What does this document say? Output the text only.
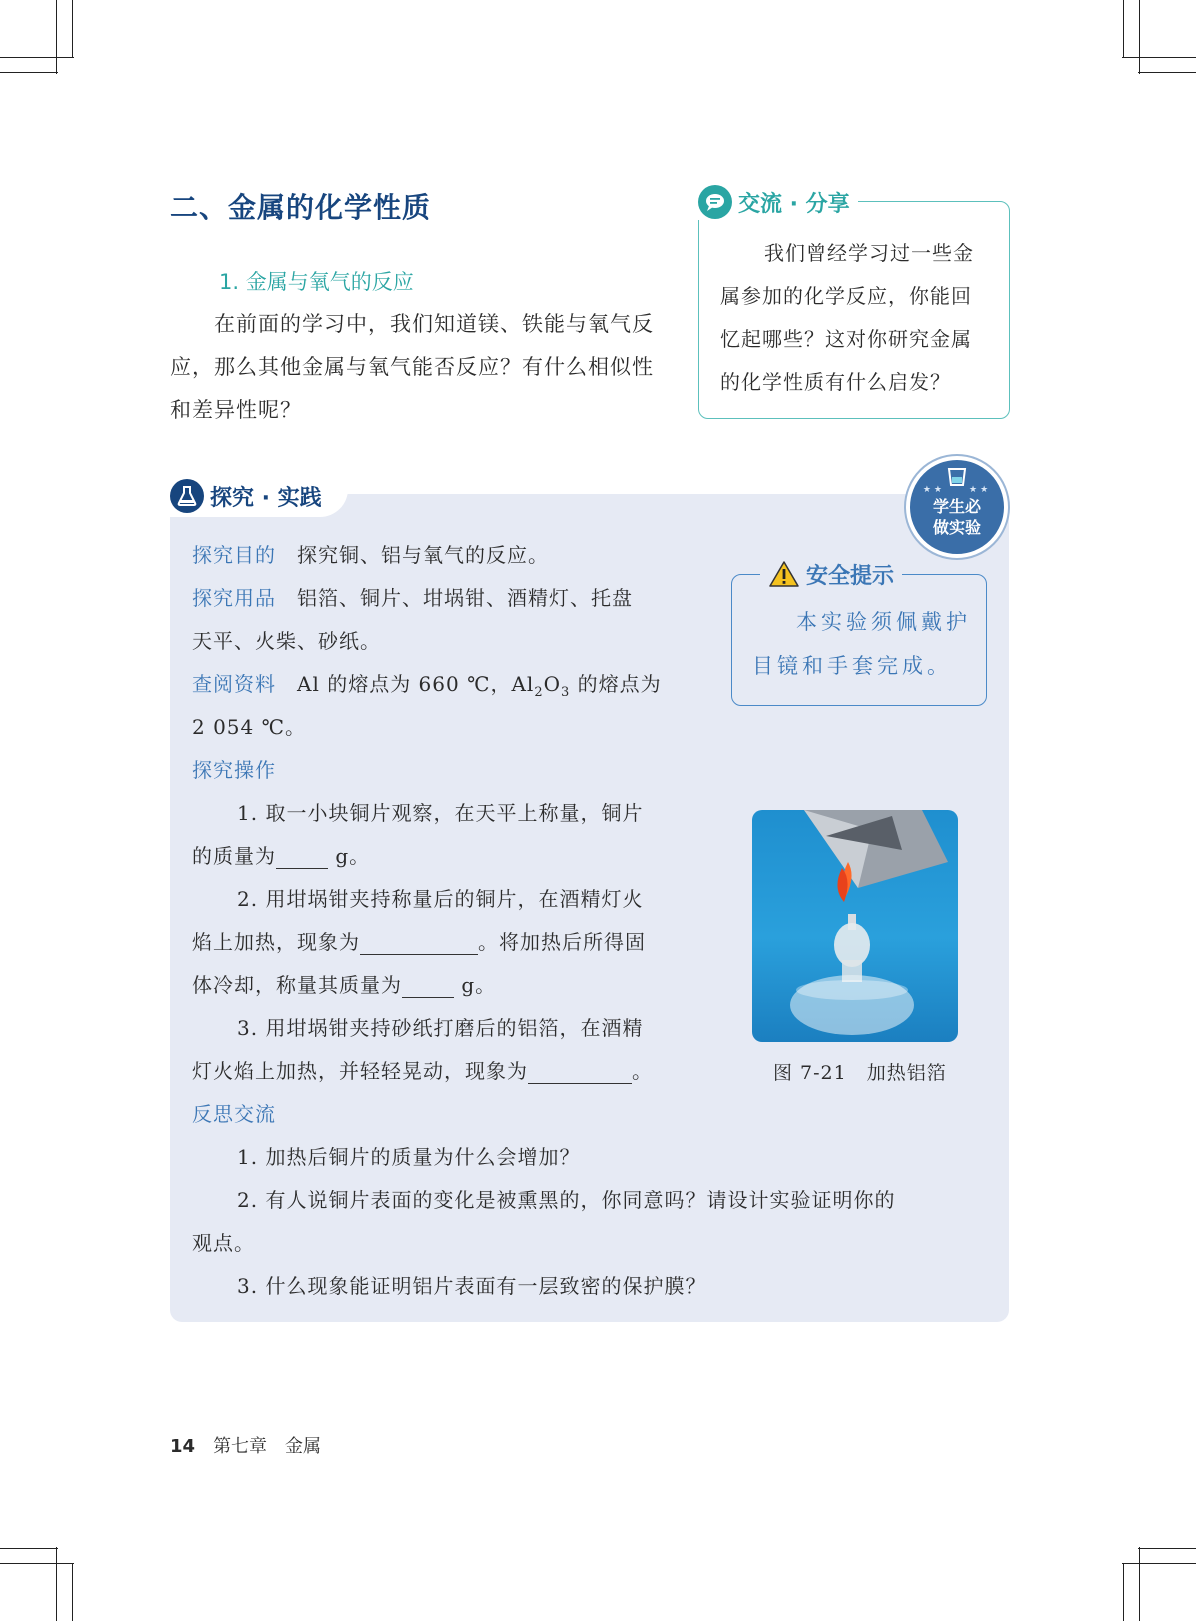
二、金属的化学性质
1. 金属与氧气的反应

在前面的学习中，我们知道镁、铁能与氧气反应，那么其他金属与氧气能否反应？有什么相似性和差异性呢？

交流 · 分享

我们曾经学习过一些金属参加的化学反应，你能回忆起哪些？这对你研究金属的化学性质有什么启发？

探究 · 实践	★★　　★★
学生必做实验

探究目的　 探究铜、铝与氧气的反应。

探究用品　 铝箔、铜片、坩埚钳、酒精灯、托盘

天平、火柴、砂纸。

查阅资料　 Al 的熔点为 660 ℃，$Al_2O_3$ 的熔点为

2 054 ℃。

探究操作

1. 取一小块铜片观察，在天平上称量，铜片

的质量为	g。

2. 用坩埚钳夹持称量后的铜片，在酒精灯火

焰上加热，现象为	。将加热后所得固

体冷却，称量其质量为	g。

3. 用坩埚钳夹持砂纸打磨后的铝箔，在酒精

灯火焰上加热，并轻轻晃动，现象为	。

反思交流

1. 加热后铜片的质量为什么会增加？

2. 有人说铜片表面的变化是被熏黑的，你同意吗？请设计实验证明你的

观点。

3. 什么现象能证明铝片表面有一层致密的保护膜？

安全提示

本实验须佩戴护目镜和手套完成。

图 7-21　加热铝箔
14 第七章　金属
